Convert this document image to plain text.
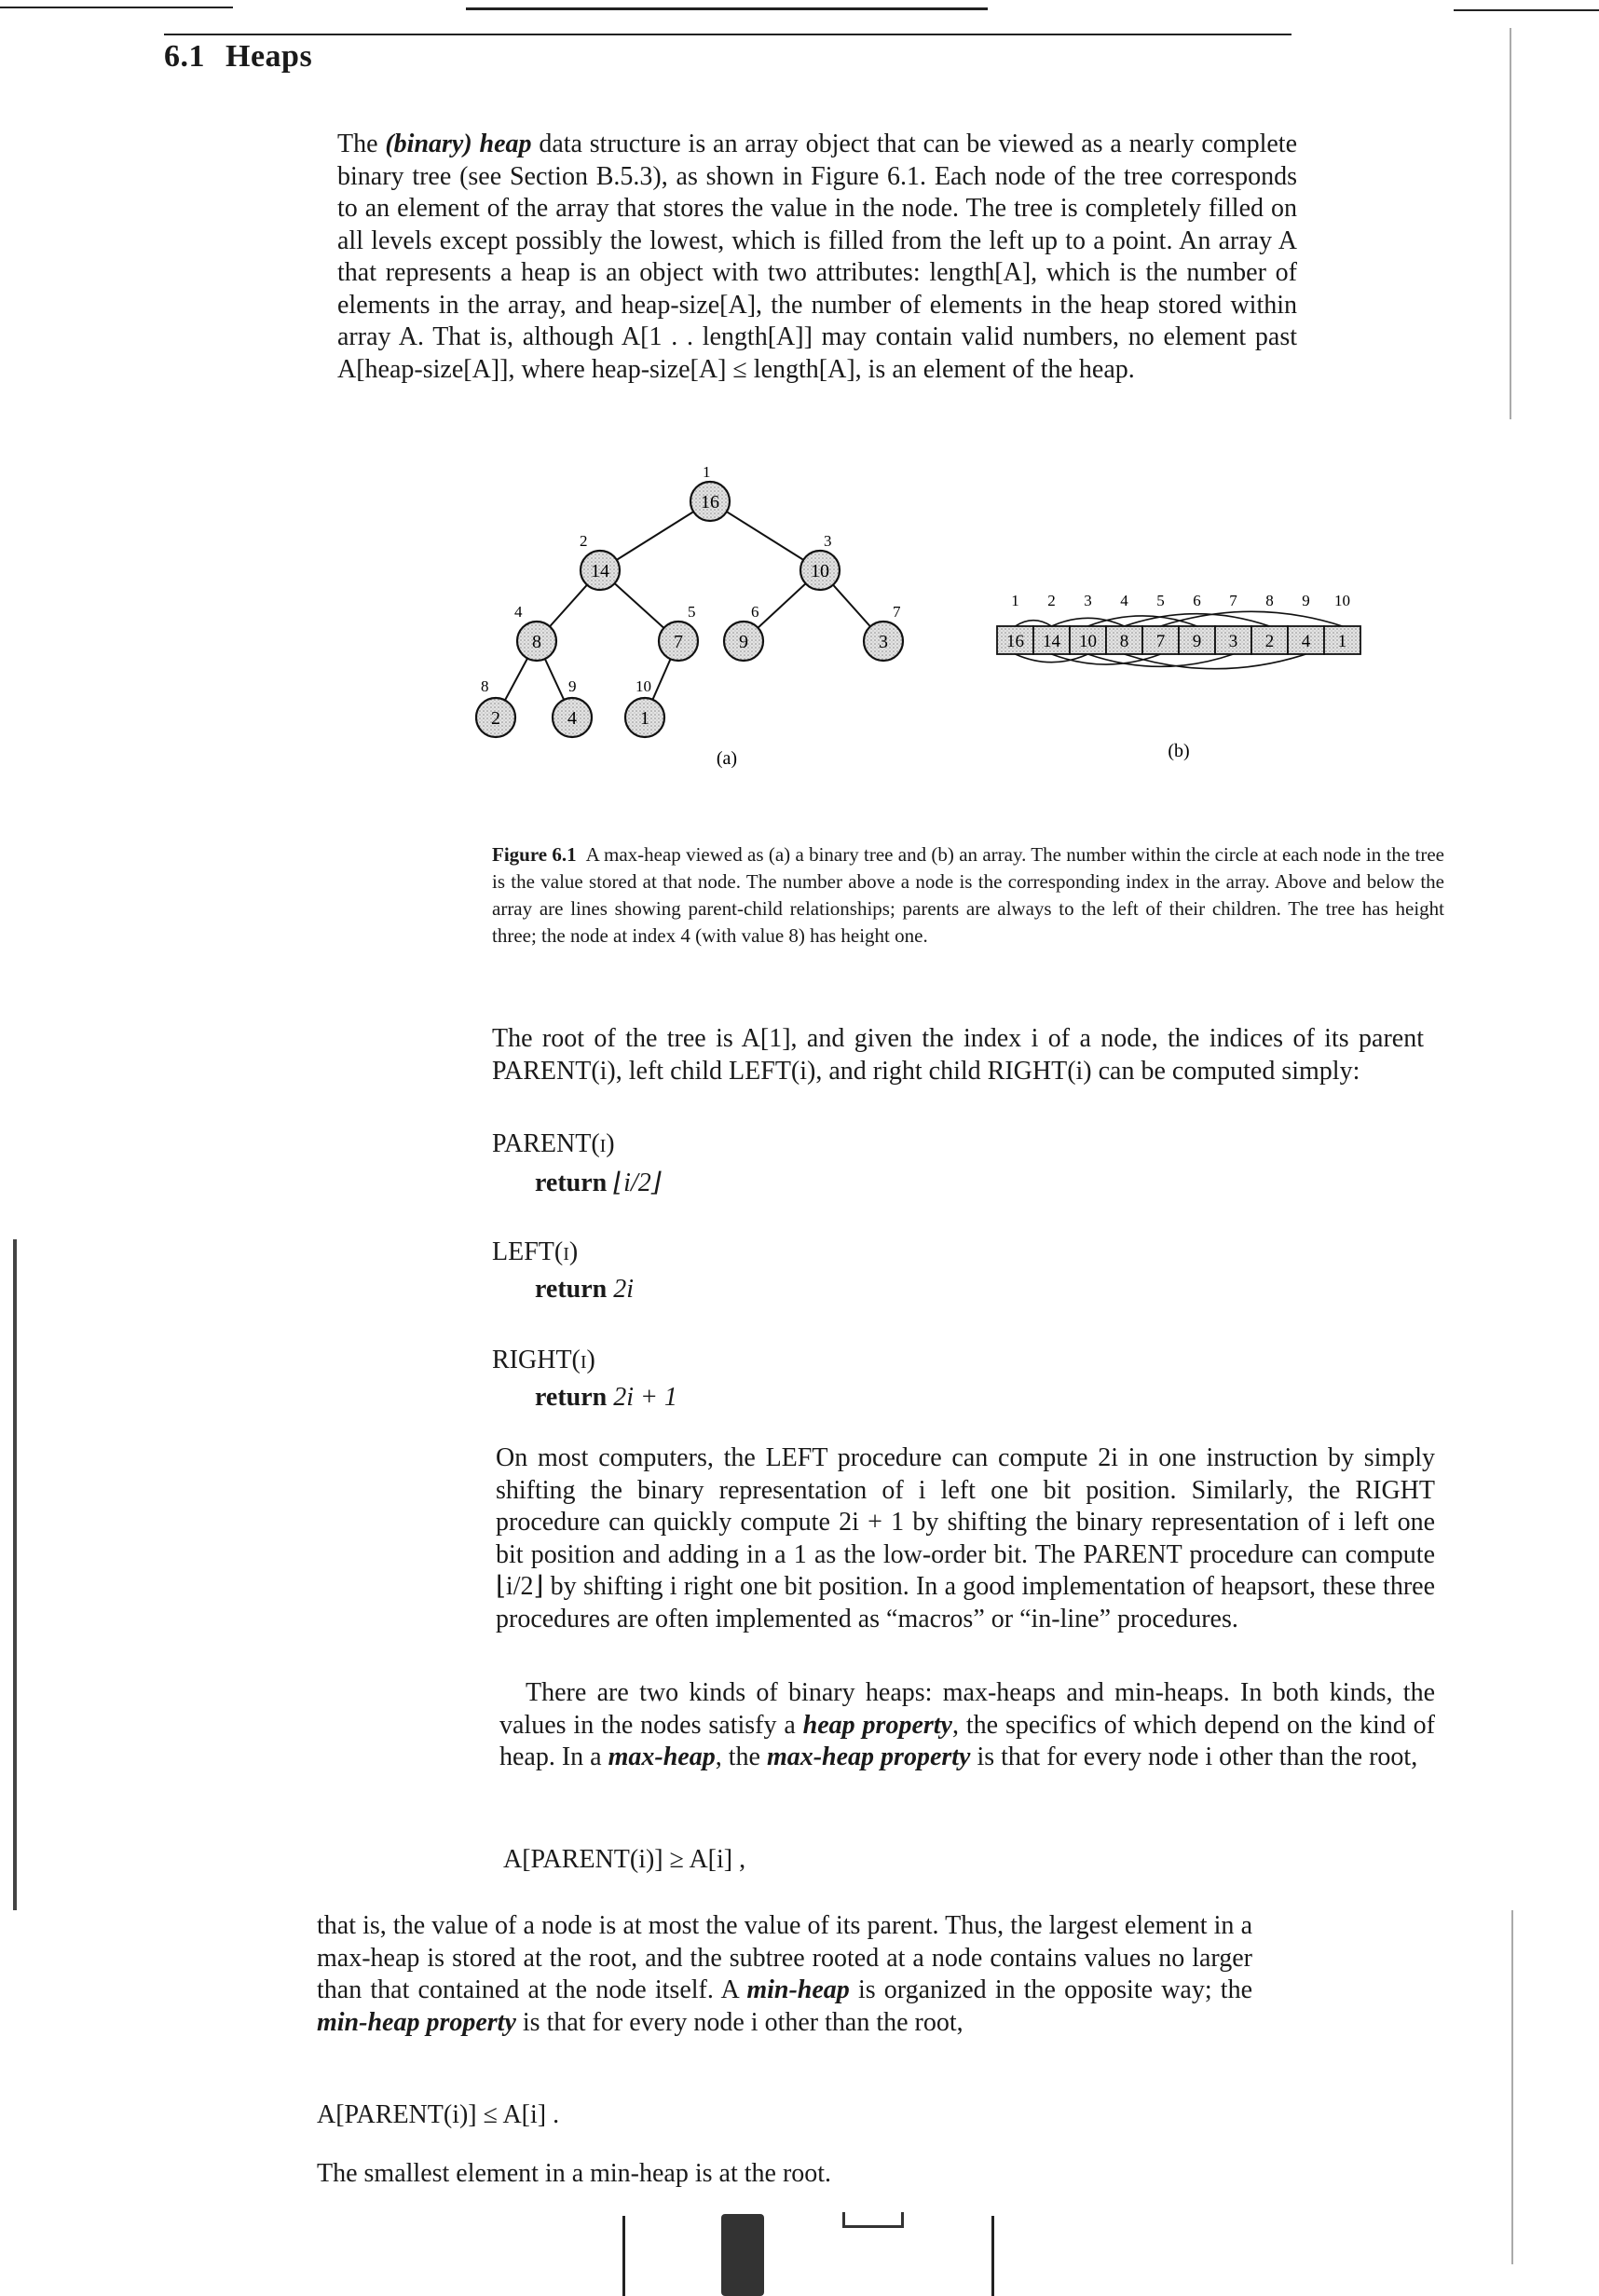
6.1 Heaps

The (binary) heap data structure is an array object that can be viewed as a nearly complete binary tree (see Section B.5.3), as shown in Figure 6.1. Each node of the tree corresponds to an element of the array that stores the value in the node. The tree is completely filled on all levels except possibly the lowest, which is filled from the left up to a point. An array A that represents a heap is an object with two attributes: length[A], which is the number of elements in the array, and heap-size[A], the number of elements in the heap stored within array A. That is, although A[1 . . length[A]] may contain valid numbers, no element past A[heap-size[A]], where heap-size[A] ≤ length[A], is an element of the heap.

16
1
14
2
10
3
8
4
7
5
9
6
3
7
2
8
4
9
1
10
16
1
14
2
10
3
8
4
7
5
9
6
3
7
2
8
4
9
1
10
(a)	(b)
Figure 6.1 A max-heap viewed as (a) a binary tree and (b) an array. The number within the circle at each node in the tree is the value stored at that node. The number above a node is the corresponding index in the array. Above and below the array are lines showing parent-child relationships; parents are always to the left of their children. The tree has height three; the node at index 4 (with value 8) has height one.

The root of the tree is A[1], and given the index i of a node, the indices of its parent PARENT(i), left child LEFT(i), and right child RIGHT(i) can be computed simply:

PARENT(i)
return ⌊i/2⌋
LEFT(i)
return 2i
RIGHT(i)
return 2i + 1

On most computers, the LEFT procedure can compute 2i in one instruction by simply shifting the binary representation of i left one bit position. Similarly, the RIGHT procedure can quickly compute 2i + 1 by shifting the binary representation of i left one bit position and adding in a 1 as the low-order bit. The PARENT procedure can compute ⌊i/2⌋ by shifting i right one bit position. In a good implementation of heapsort, these three procedures are often implemented as “macros” or “in-line” procedures.

There are two kinds of binary heaps: max-heaps and min-heaps. In both kinds, the values in the nodes satisfy a heap property, the specifics of which depend on the kind of heap. In a max-heap, the max-heap property is that for every node i other than the root,

A[PARENT(i)] ≥ A[i] ,

that is, the value of a node is at most the value of its parent. Thus, the largest element in a max-heap is stored at the root, and the subtree rooted at a node contains values no larger than that contained at the node itself. A min-heap is organized in the opposite way; the min-heap property is that for every node i other than the root,

A[PARENT(i)] ≤ A[i] .

The smallest element in a min-heap is at the root.
